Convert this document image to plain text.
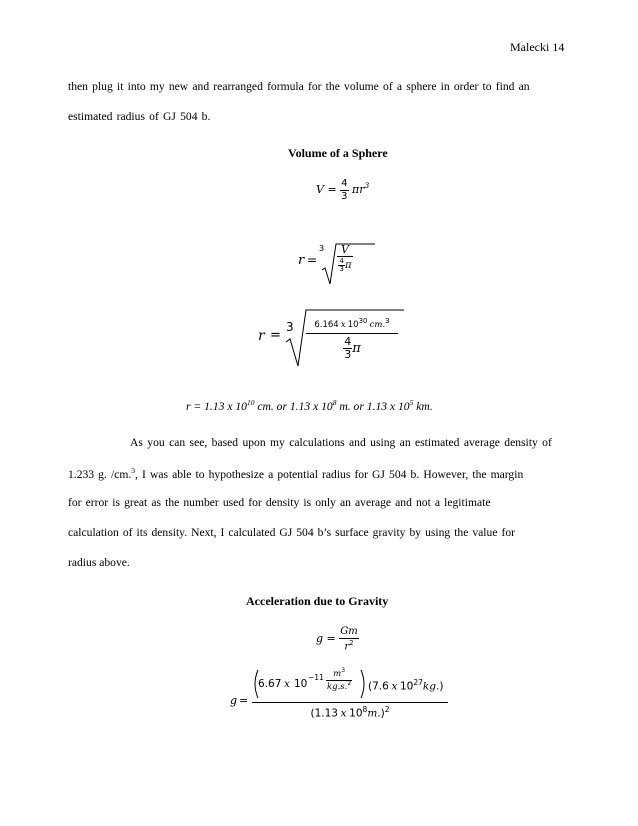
Malecki 14
then plug it into my new and rearranged formula for the volume of a sphere in order to find an
estimated radius of GJ 504 b.
Volume of a Sphere
$V = \frac{4}{3} \pi r^3$
r =
3	V
$\frac{4}{3}$ π
r =
3	6.164 x $10^{30}$ cm.$^3$
$\frac{4}{3}$ π
r = 1.13 x $10^{10}$ cm. or 1.13 x $10^8$ m. or 1.13 x $10^5$ km.
As you can see, based upon my calculations and using an estimated average density of
1.233 g. /cm.$^3$, I was able to hypothesize a potential radius for GJ 504 b. However, the margin
for error is great as the number used for density is only an average and not a legitimate
calculation of its density. Next, I calculated GJ 504 b’s surface gravity by using the value for
radius above.
Acceleration due to Gravity
$g = \frac{Gm}{r^2}$
g =
6.67 x 10
$-11 \frac{m^3}{kg.s.^2} (7.6$ x $10^{27}kg$.)
(1.13 x $10^8m.)^2$
